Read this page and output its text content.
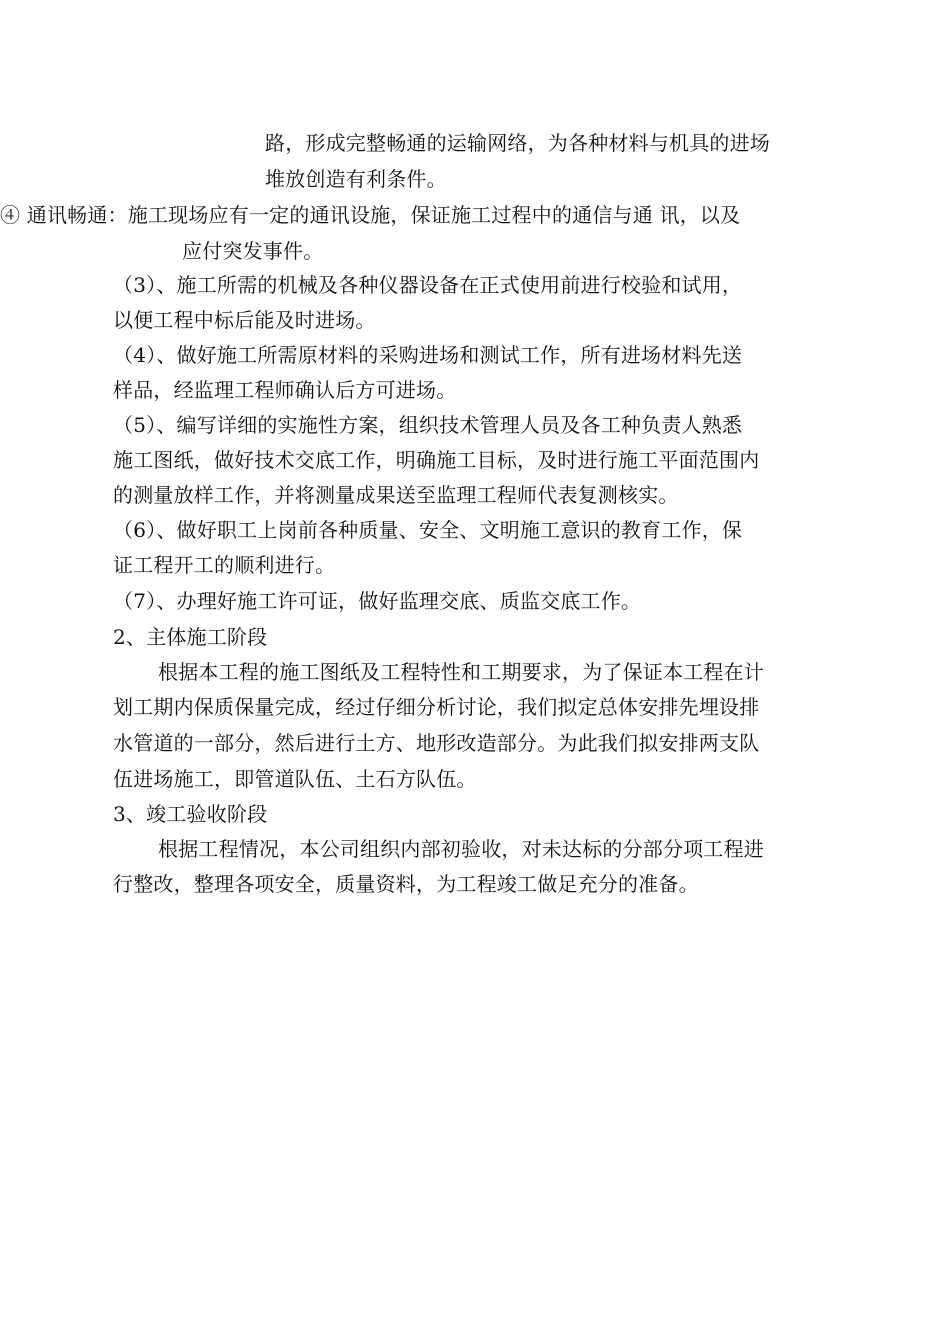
路，形成完整畅通的运输网络，为各种材料与机具的进场
堆放创造有利条件。
④ 通讯畅通：施工现场应有一定的通讯设施，保证施工过程中的通信与通 讯，以及
应付突发事件。
（3）、施工所需的机械及各种仪器设备在正式使用前进行校验和试用，
以便工程中标后能及时进场。
（4）、做好施工所需原材料的采购进场和测试工作，所有进场材料先送
样品，经监理工程师确认后方可进场。
（5）、编写详细的实施性方案，组织技术管理人员及各工种负责人熟悉
施工图纸，做好技术交底工作，明确施工目标，及时进行施工平面范围内
的测量放样工作，并将测量成果送至监理工程师代表复测核实。
（6）、做好职工上岗前各种质量、安全、文明施工意识的教育工作，保
证工程开工的顺利进行。
（7）、办理好施工许可证，做好监理交底、质监交底工作。
2、主体施工阶段
根据本工程的施工图纸及工程特性和工期要求，为了保证本工程在计
划工期内保质保量完成，经过仔细分析讨论，我们拟定总体安排先埋设排
水管道的一部分，然后进行土方、地形改造部分。为此我们拟安排两支队
伍进场施工，即管道队伍、土石方队伍。
3、竣工验收阶段
根据工程情况，本公司组织内部初验收，对未达标的分部分项工程进
行整改，整理各项安全，质量资料，为工程竣工做足充分的准备。
